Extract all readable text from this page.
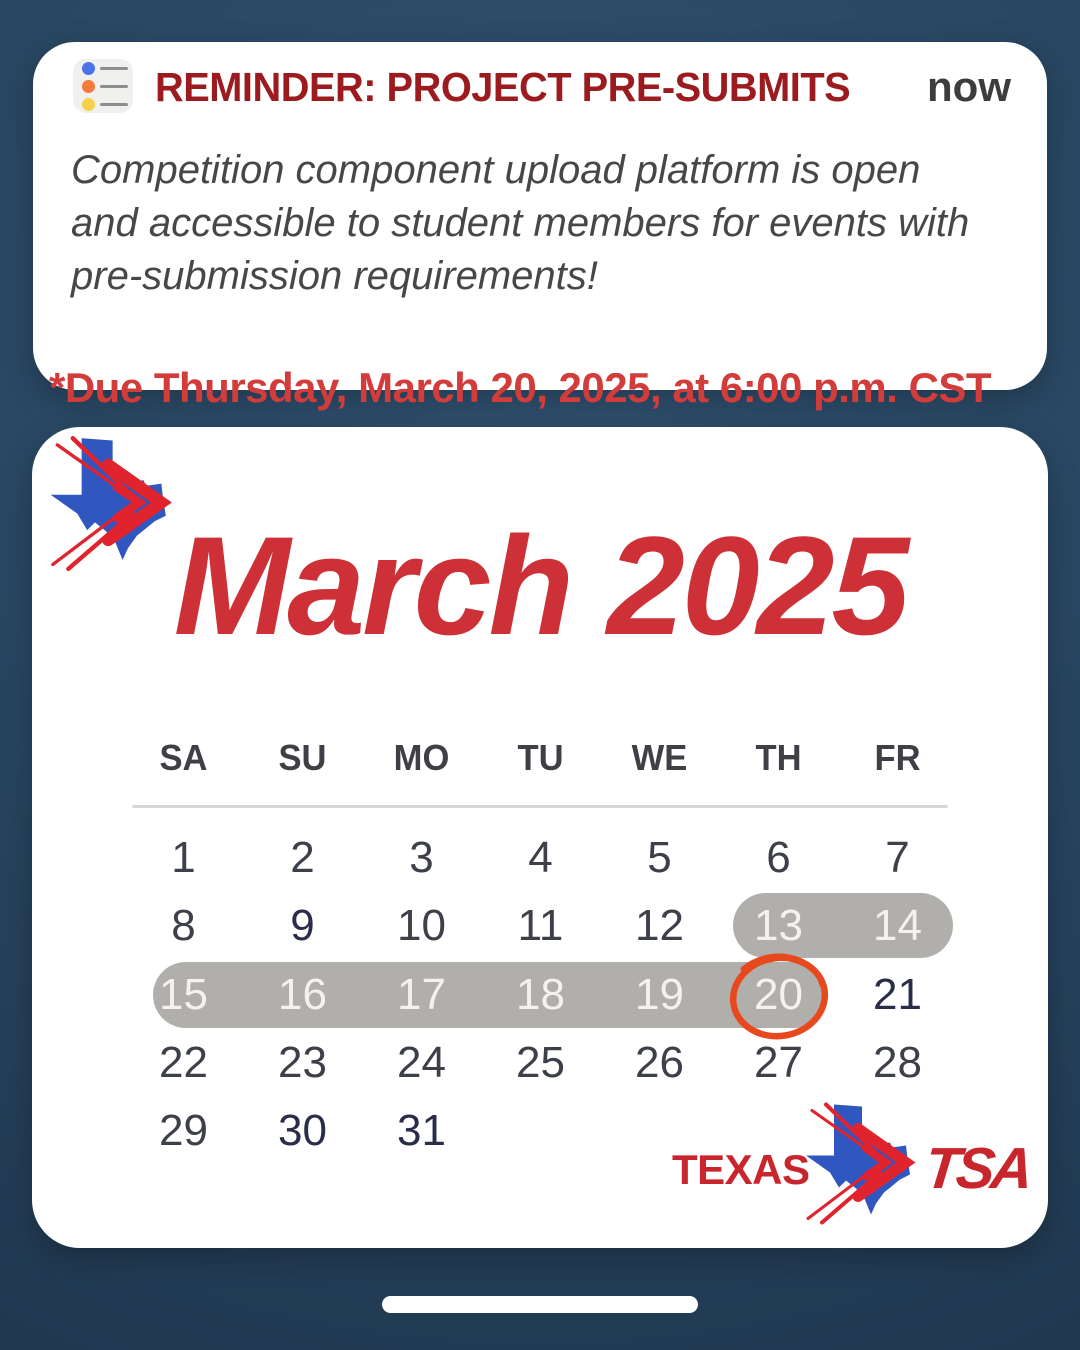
REMINDER: PROJECT PRE-SUBMITS now
Competition component upload platform is open and accessible to student members for events with pre-submission requirements!
*Due Thursday, March 20, 2025, at 6:00 p.m. CST
March 2025
SA	SU	MO	TU	WE	TH	FR
1	2	3	4	5	6	7
8	9	10	11	12	13	14
15	16	17	18	19	20	21
22	23	24	25	26	27	28
29	30	31
TEXAS TSA
